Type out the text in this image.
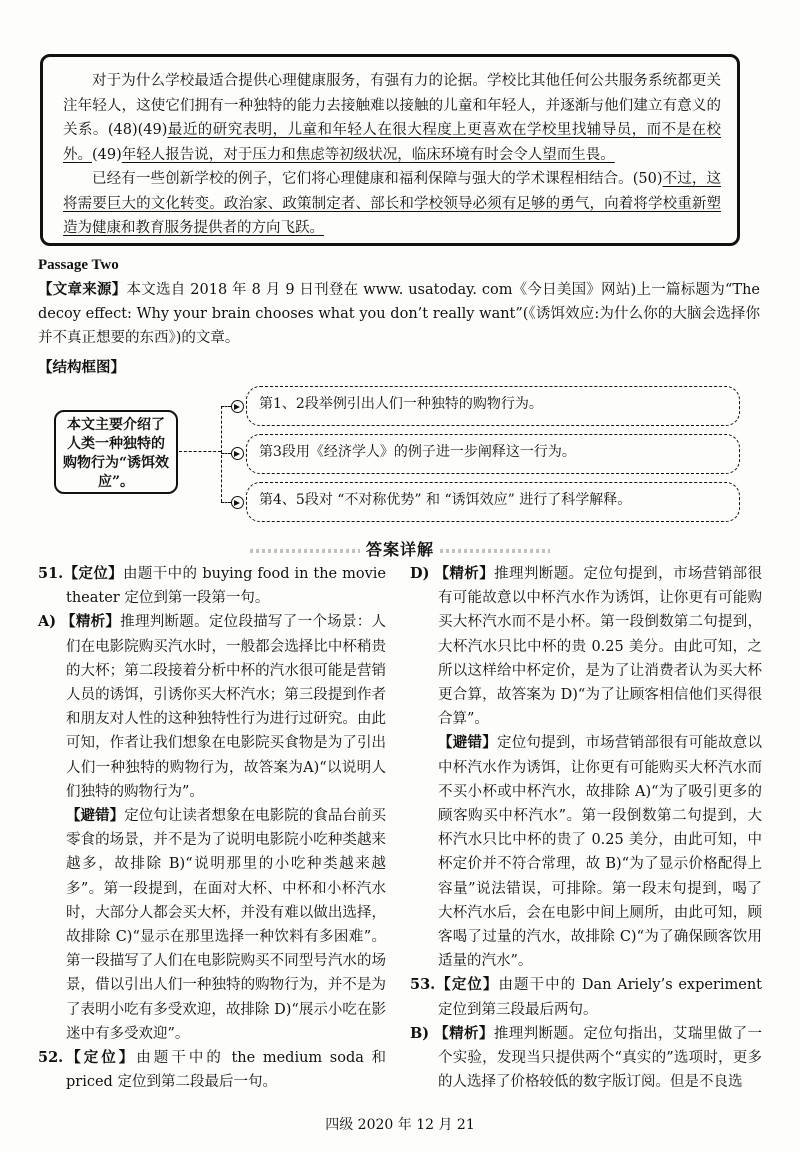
对于为什么学校最适合提供心理健康服务，有强有力的论据。学校比其他任何公共服务系统都更关注年轻人，这使它们拥有一种独特的能力去接触难以接触的儿童和年轻人，并逐渐与他们建立有意义的关系。(48)(49)最近的研究表明，儿童和年轻人在很大程度上更喜欢在学校里找辅导员，而不是在校外。(49)年轻人报告说，对于压力和焦虑等初级状况，临床环境有时会令人望而生畏。

已经有一些创新学校的例子，它们将心理健康和福利保障与强大的学术课程相结合。(50)不过，这将需要巨大的文化转变。政治家、政策制定者、部长和学校领导必须有足够的勇气，向着将学校重新塑造为健康和教育服务提供者的方向飞跃。

Passage Two
【文章来源】本文选自 2018 年 8 月 9 日刊登在 www. usatoday. com《今日美国》网站)上一篇标题为“The decoy effect: Why your brain chooses what you don’t really want”(《诱饵效应:为什么你的大脑会选择你并不真正想要的东西》)的文章。
【结构框图】
本文主要介绍了人类一种独特的购物行为“诱饵效应”。
第1、2段举例引出人们一种独特的购物行为。
第3段用《经济学人》的例子进一步阐释这一行为。
第4、5段对 “不对称优势” 和 “诱饵效应” 进行了科学解释。
答案详解

51.【定位】由题干中的 buying food in the movie theater 定位到第一段第一句。

A) 【精析】推理判断题。定位段描写了一个场景：人们在电影院购买汽水时，一般都会选择比中杯稍贵的大杯；第二段接着分析中杯的汽水很可能是营销人员的诱饵，引诱你买大杯汽水；第三段提到作者和朋友对人性的这种独特性行为进行过研究。由此可知，作者让我们想象在电影院买食物是为了引出人们一种独特的购物行为，故答案为A)“以说明人们独特的购物行为”。

【避错】定位句让读者想象在电影院的食品台前买零食的场景，并不是为了说明电影院小吃种类越来越多，故排除 B)“说明那里的小吃种类越来越多”。第一段提到，在面对大杯、中杯和小杯汽水时，大部分人都会买大杯，并没有难以做出选择，故排除 C)“显示在那里选择一种饮料有多困难”。第一段描写了人们在电影院购买不同型号汽水的场景，借以引出人们一种独特的购物行为，并不是为了表明小吃有多受欢迎，故排除 D)“展示小吃在影迷中有多受欢迎”。

52.【定位】由题干中的 the medium soda 和 priced 定位到第二段最后一句。

D) 【精析】推理判断题。定位句提到，市场营销部很有可能故意以中杯汽水作为诱饵，让你更有可能购买大杯汽水而不是小杯。第一段倒数第二句提到，大杯汽水只比中杯的贵 0.25 美分。由此可知，之所以这样给中杯定价，是为了让消费者认为买大杯更合算，故答案为 D)“为了让顾客相信他们买得很合算”。

【避错】定位句提到，市场营销部很有可能故意以中杯汽水作为诱饵，让你更有可能购买大杯汽水而不买小杯或中杯汽水，故排除 A)“为了吸引更多的顾客购买中杯汽水”。第一段倒数第二句提到，大杯汽水只比中杯的贵了 0.25 美分，由此可知，中杯定价并不符合常理，故 B)“为了显示价格配得上容量”说法错误，可排除。第一段末句提到，喝了大杯汽水后，会在电影中间上厕所，由此可知，顾客喝了过量的汽水，故排除 C)“为了确保顾客饮用适量的汽水”。

53.【定位】由题干中的 Dan Ariely’s experiment 定位到第三段最后两句。

B) 【精析】推理判断题。定位句指出，艾瑞里做了一个实验，发现当只提供两个“真实的”选项时，更多的人选择了价格较低的数字版订阅。但是不良选

四级 2020 年 12 月 21
